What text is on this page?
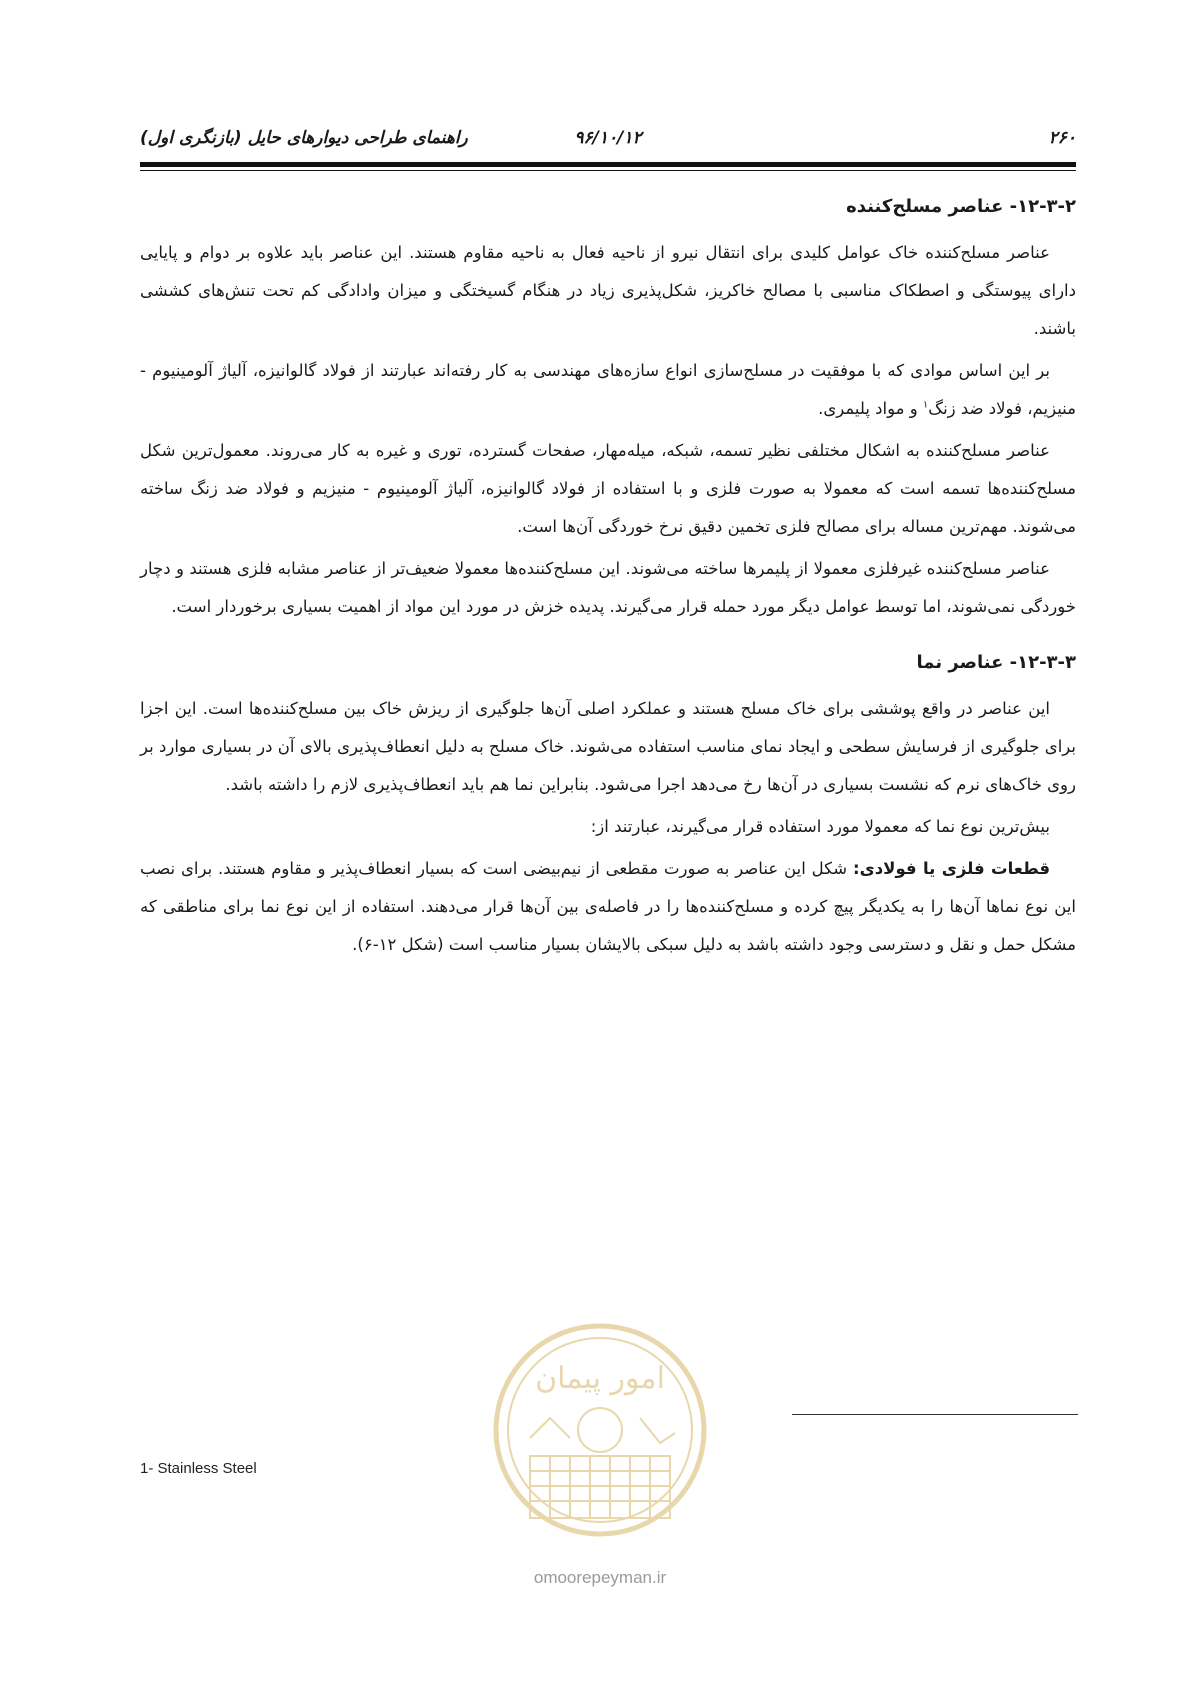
۲۶۰
۹۶/۱۰/۱۲
راهنمای طراحی دیوارهای حایل (بازنگری اول)
۱۲-۳-۲- عناصر مسلح‌کننده

عناصر مسلح‌کننده خاک عوامل کلیدی برای انتقال نیرو از ناحیه فعال به ناحیه مقاوم هستند. این عناصر باید علاوه بر دوام و پایایی دارای پیوستگی و اصطکاک مناسبی با مصالح خاکریز، شکل‌پذیری زیاد در هنگام گسیختگی و میزان وادادگی کم تحت تنش‌های کششی باشند.

بر این اساس موادی که با موفقیت در مسلح‌سازی انواع سازه‌های مهندسی به کار رفته‌اند عبارتند از فولاد گالوانیزه، آلیاژ آلومینیوم - منیزیم، فولاد ضد زنگ$^۱$ و مواد پلیمری.

عناصر مسلح‌کننده به اشکال مختلفی نظیر تسمه، شبکه، میله‌مهار، صفحات گسترده، توری و غیره به کار می‌روند. معمول‌ترین شکل مسلح‌کننده‌ها تسمه است که معمولا به صورت فلزی و با استفاده از فولاد گالوانیزه، آلیاژ آلومینیوم - منیزیم و فولاد ضد زنگ ساخته می‌شوند. مهم‌ترین مساله برای مصالح فلزی تخمین دقیق نرخ خوردگی آن‌ها است.

عناصر مسلح‌کننده غیرفلزی معمولا از پلیمرها ساخته می‌شوند. این مسلح‌کننده‌ها معمولا ضعیف‌تر از عناصر مشابه فلزی هستند و دچار خوردگی نمی‌شوند، اما توسط عوامل دیگر مورد حمله قرار می‌گیرند. پدیده خزش در مورد این مواد از اهمیت بسیاری برخوردار است.

۱۲-۳-۳- عناصر نما

این عناصر در واقع پوششی برای خاک مسلح هستند و عملکرد اصلی آن‌ها جلوگیری از ریزش خاک بین مسلح‌کننده‌ها است. این اجزا برای جلوگیری از فرسایش سطحی و ایجاد نمای مناسب استفاده می‌شوند. خاک مسلح به دلیل انعطاف‌پذیری بالای آن در بسیاری موارد بر روی خاک‌های نرم که نشست بسیاری در آن‌ها رخ می‌دهد اجرا می‌شود. بنابراین نما هم باید انعطاف‌پذیری لازم را داشته باشد.

بیش‌ترین نوع نما که معمولا مورد استفاده قرار می‌گیرند، عبارتند از:

قطعات فلزی یا فولادی: شکل این عناصر به صورت مقطعی از نیم‌بیضی است که بسیار انعطاف‌پذیر و مقاوم هستند. برای نصب این نوع نماها آن‌ها را به یکدیگر پیچ کرده و مسلح‌کننده‌ها را در فاصله‌ی بین آن‌ها قرار می‌دهند. استفاده از این نوع نما برای مناطقی که مشکل حمل و نقل و دسترسی وجود داشته باشد به دلیل سبکی بالایشان بسیار مناسب است (شکل ۱۲-۶).

1- Stainless Steel
امور پیمان
omoorepeyman.ir
